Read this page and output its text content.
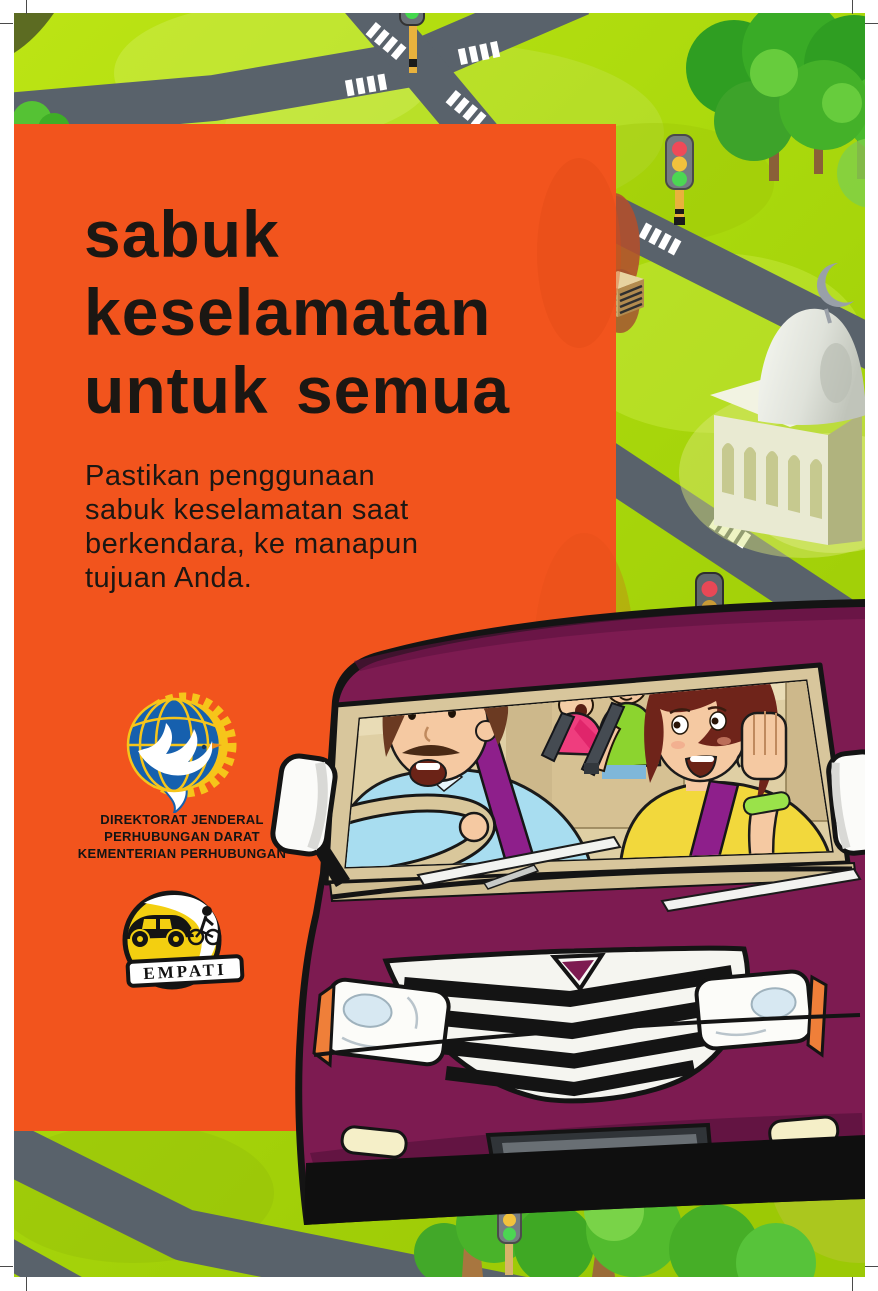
sabuk
keselamatan
untuk semua
Pastikan penggunaan
sabuk keselamatan saat
berkendara, ke manapun
tujuan Anda.
DIREKTORAT JENDERAL
PERHUBUNGAN DARAT
KEMENTERIAN PERHUBUNGAN
EMPATI
